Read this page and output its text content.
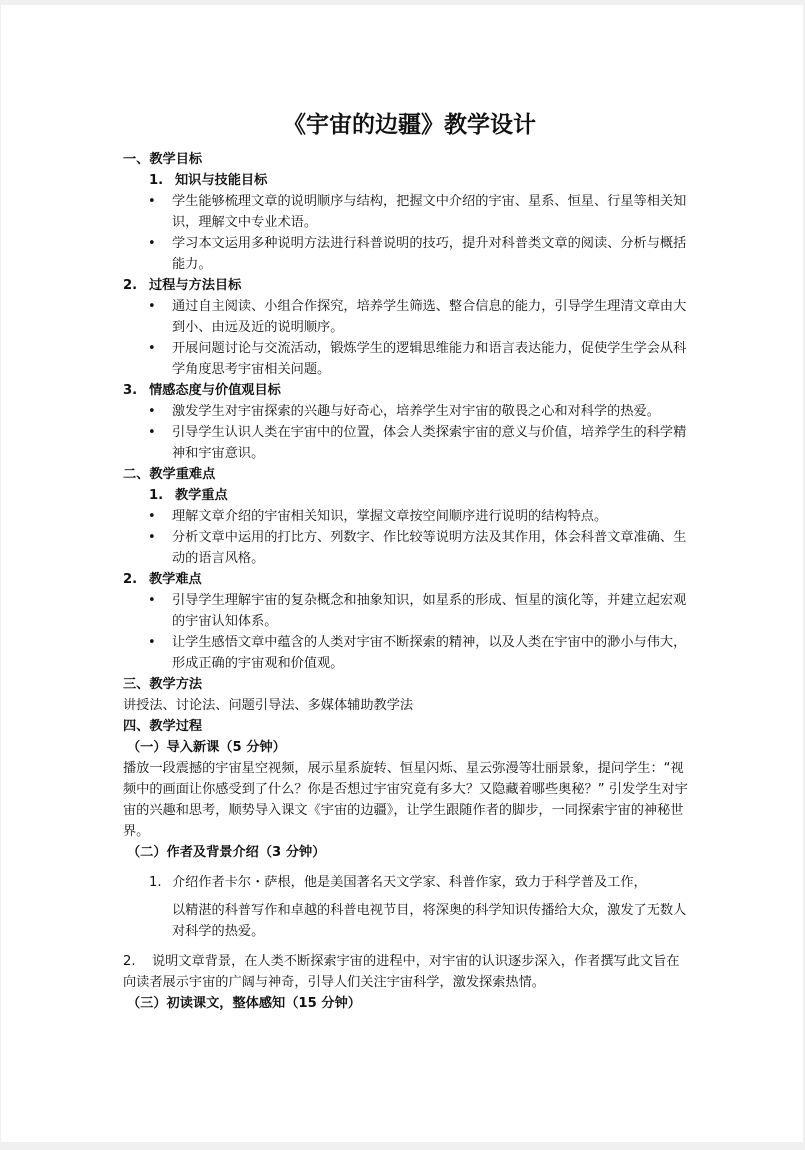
《宇宙的边疆》教学设计
一、教学目标
1. 知识与技能目标
• 学生能够梳理文章的说明顺序与结构，把握文中介绍的宇宙、星系、恒星、行星等相关知识，理解文中专业术语。
• 学习本文运用多种说明方法进行科普说明的技巧，提升对科普类文章的阅读、分析与概括能力。
2. 过程与方法目标
• 通过自主阅读、小组合作探究，培养学生筛选、整合信息的能力，引导学生理清文章由大到小、由远及近的说明顺序。
• 开展问题讨论与交流活动，锻炼学生的逻辑思维能力和语言表达能力，促使学生学会从科学角度思考宇宙相关问题。
3. 情感态度与价值观目标
• 激发学生对宇宙探索的兴趣与好奇心，培养学生对宇宙的敬畏之心和对科学的热爱。
• 引导学生认识人类在宇宙中的位置，体会人类探索宇宙的意义与价值，培养学生的科学精神和宇宙意识。
二、教学重难点
1. 教学重点
• 理解文章介绍的宇宙相关知识，掌握文章按空间顺序进行说明的结构特点。
• 分析文章中运用的打比方、列数字、作比较等说明方法及其作用，体会科普文章准确、生动的语言风格。
2. 教学难点
• 引导学生理解宇宙的复杂概念和抽象知识，如星系的形成、恒星的演化等，并建立起宏观的宇宙认知体系。
• 让学生感悟文章中蕴含的人类对宇宙不断探索的精神，以及人类在宇宙中的渺小与伟大，形成正确的宇宙观和价值观。
三、教学方法
讲授法、讨论法、问题引导法、多媒体辅助教学法
四、教学过程
（一）导入新课（5 分钟）
播放一段震撼的宇宙星空视频，展示星系旋转、恒星闪烁、星云弥漫等壮丽景象，提问学生：“视频中的画面让你感受到了什么？你是否想过宇宙究竟有多大？又隐藏着哪些奥秘？” 引发学生对宇宙的兴趣和思考，顺势导入课文《宇宙的边疆》，让学生跟随作者的脚步，一同探索宇宙的神秘世界。
（二）作者及背景介绍（3 分钟）
1. 介绍作者卡尔・萨根，他是美国著名天文学家、科普作家，致力于科学普及工作，
以精湛的科普写作和卓越的科普电视节目，将深奥的科学知识传播给大众，激发了无数人对科学的热爱。
2. 说明文章背景，在人类不断探索宇宙的进程中，对宇宙的认识逐步深入，作者撰写此文旨在向读者展示宇宙的广阔与神奇，引导人们关注宇宙科学，激发探索热情。
（三）初读课文，整体感知（15 分钟）
